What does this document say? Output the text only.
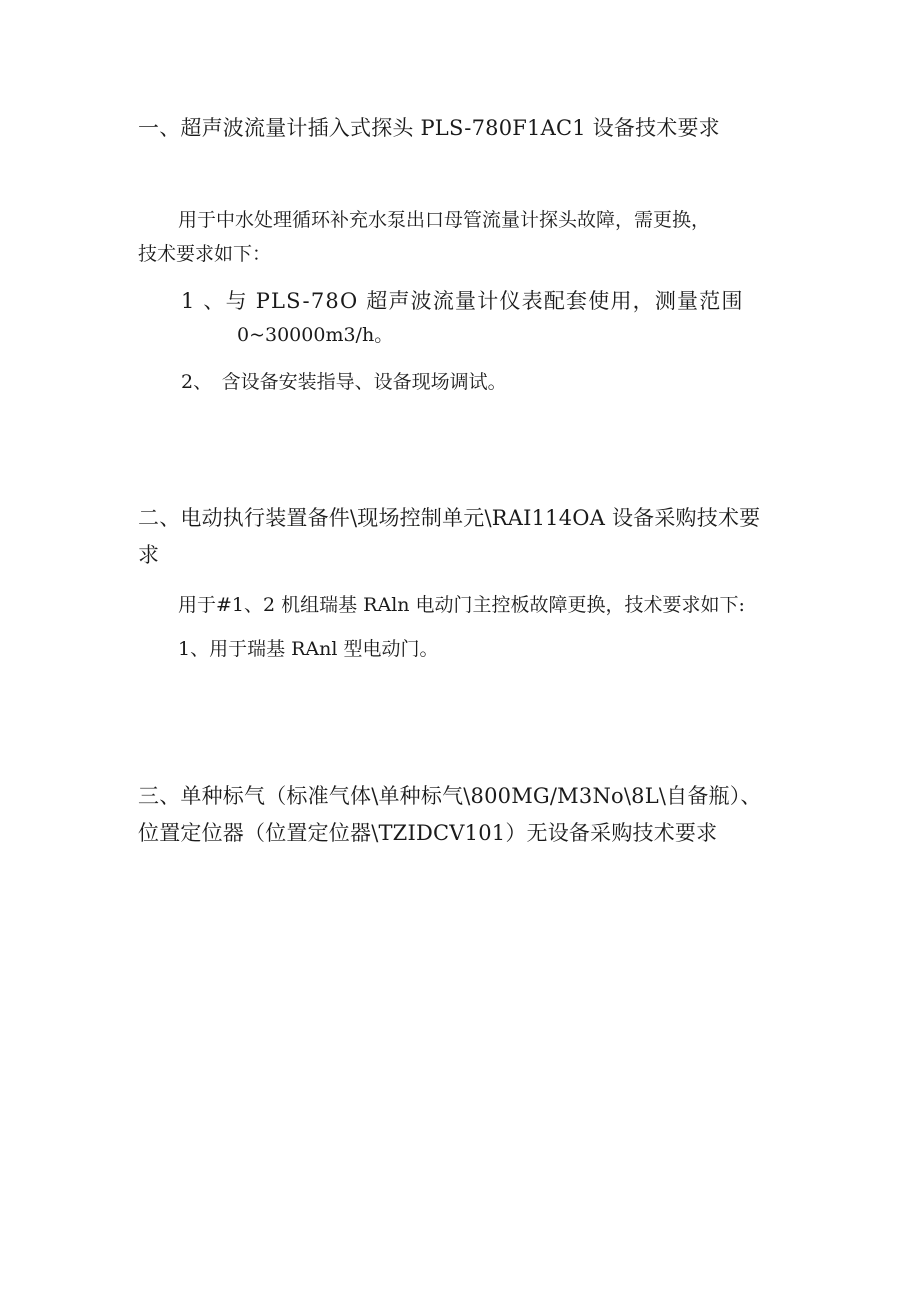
一、超声波流量计插入式探头 PLS-780F1AC1 设备技术要求
用于中水处理循环补充水泵出口母管流量计探头故障，需更换，
技术要求如下：
1 、与 PLS-78O 超声波流量计仪表配套使用，测量范围
0~30000m3/h。
2、　含设备安装指导、设备现场调试。
二、电动执行装置备件\现场控制单元\RAI114OA 设备采购技术要
求
用于#1、2 机组瑞基 RAln 电动门主控板故障更换，技术要求如下:
1、用于瑞基 RAnl 型电动门。
三、单种标气（标准气体\单种标气\800MG/M3No\8L\自备瓶）、
位置定位器（位置定位器\TZIDCV101）无设备采购技术要求
